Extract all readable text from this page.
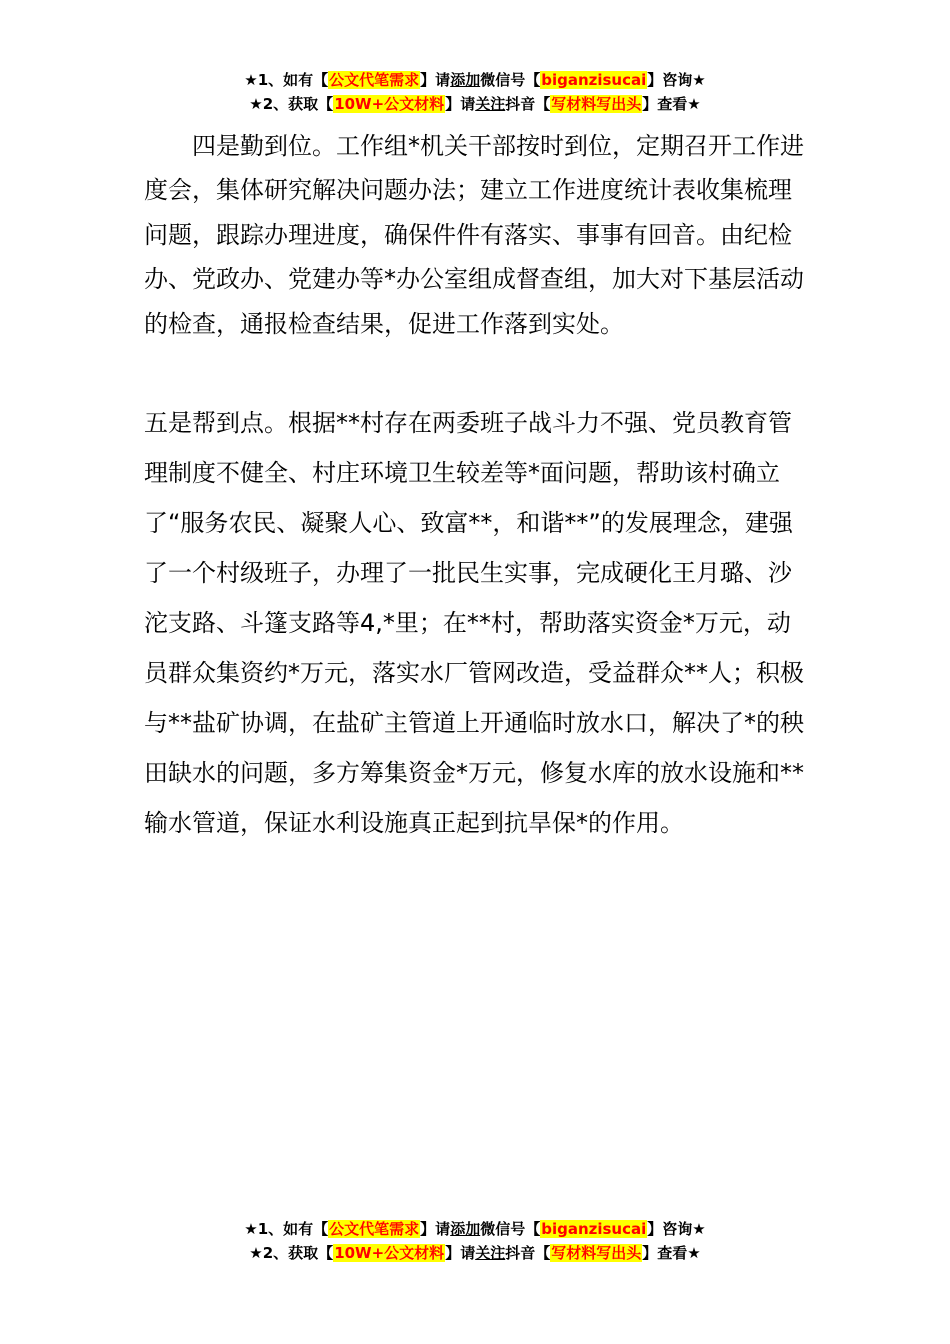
★1、如有【公文代笔需求】请添加微信号【biganzisucai】咨询★
★2、获取【10W+公文材料】请关注抖音【写材料写出头】查看★

四是勤到位。工作组*机关干部按时到位，定期召开工作进度会，集体研究解决问题办法；建立工作进度统计表收集梳理问题，跟踪办理进度，确保件件有落实、事事有回音。由纪检办、党政办、党建办等*办公室组成督查组，加大对下基层活动的检查，通报检查结果，促进工作落到实处。

五是帮到点。根据**村存在两委班子战斗力不强、党员教育管理制度不健全、村庄环境卫生较差等*面问题，帮助该村确立了“服务农民、凝聚人心、致富**，和谐**”的发展理念，建强了一个村级班子，办理了一批民生实事，完成硬化王月璐、沙沱支路、斗篷支路等4,*里；在**村，帮助落实资金*万元，动员群众集资约*万元，落实水厂管网改造，受益群众**人；积极与**盐矿协调，在盐矿主管道上开通临时放水口，解决了*的秧田缺水的问题，多方筹集资金*万元，修复水库的放水设施和**输水管道，保证水利设施真正起到抗旱保*的作用。

★1、如有【公文代笔需求】请添加微信号【biganzisucai】咨询★
★2、获取【10W+公文材料】请关注抖音【写材料写出头】查看★
